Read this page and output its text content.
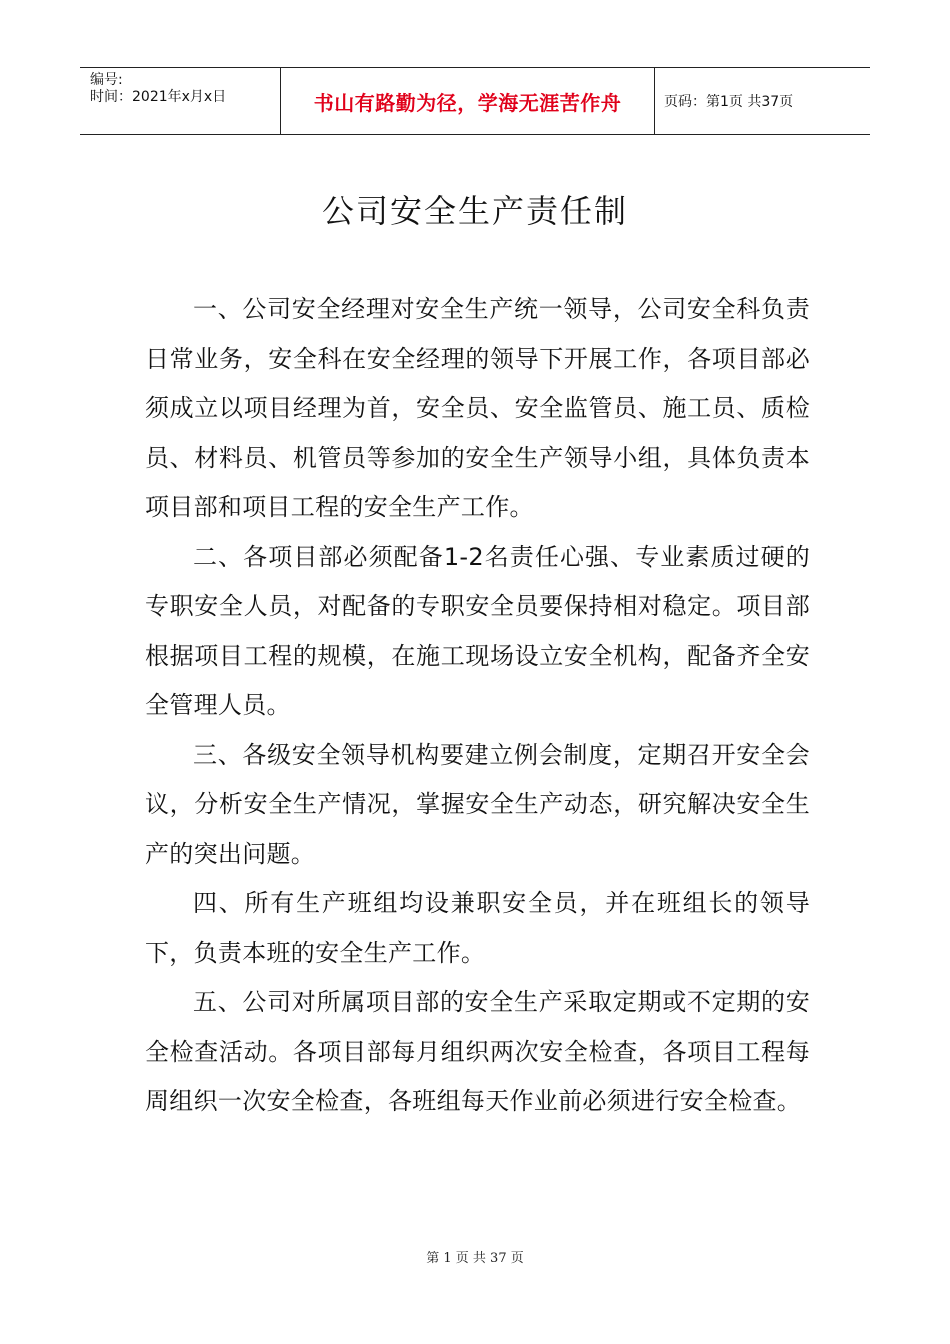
编号:
时间：2021年x月x日	书山有路勤为径，学海无涯苦作舟	页码：第1页 共37页
公司安全生产责任制

一、公司安全经理对安全生产统一领导，公司安全科负责日常业务，安全科在安全经理的领导下开展工作，各项目部必须成立以项目经理为首，安全员、安全监管员、施工员、质检员、材料员、机管员等参加的安全生产领导小组，具体负责本项目部和项目工程的安全生产工作。

二、各项目部必须配备1-2名责任心强、专业素质过硬的专职安全人员，对配备的专职安全员要保持相对稳定。项目部根据项目工程的规模，在施工现场设立安全机构，配备齐全安全管理人员。

三、各级安全领导机构要建立例会制度，定期召开安全会议，分析安全生产情况，掌握安全生产动态，研究解决安全生产的突出问题。

四、所有生产班组均设兼职安全员，并在班组长的领导下，负责本班的安全生产工作。

五、公司对所属项目部的安全生产采取定期或不定期的安全检查活动。各项目部每月组织两次安全检查，各项目工程每周组织一次安全检查，各班组每天作业前必须进行安全检查。

第 1 页 共 37 页
